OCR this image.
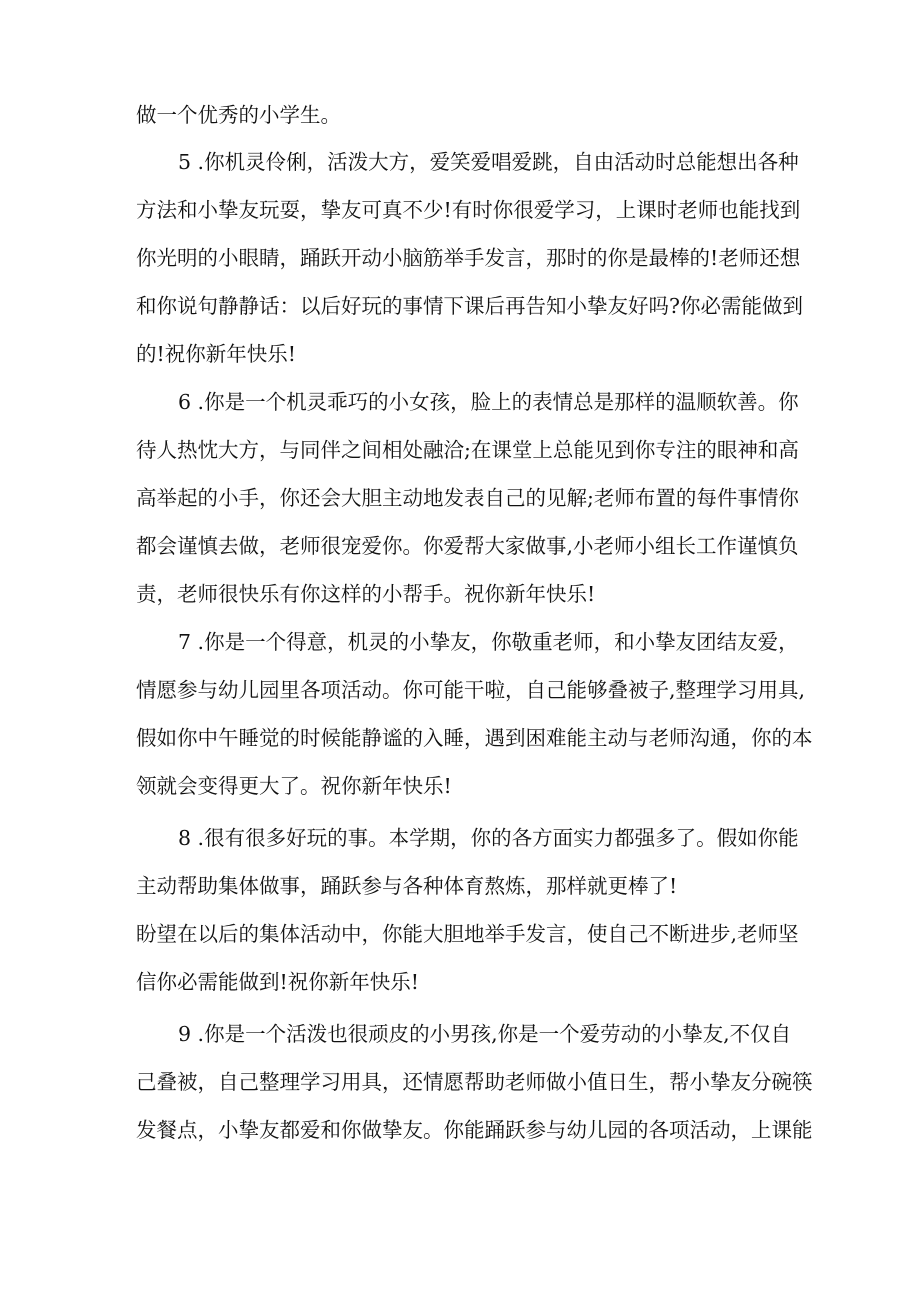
做一个优秀的小学生。

5 .你机灵伶俐，活泼大方，爱笑爱唱爱跳，自由活动时总能想出各种

方法和小挚友玩耍，挚友可真不少!有时你很爱学习，上课时老师也能找到

你光明的小眼睛，踊跃开动小脑筋举手发言，那时的你是最棒的!老师还想

和你说句静静话：以后好玩的事情下课后再告知小挚友好吗?你必需能做到

的!祝你新年快乐!

6 .你是一个机灵乖巧的小女孩，脸上的表情总是那样的温顺软善。你

待人热忱大方，与同伴之间相处融洽;在课堂上总能见到你专注的眼神和高

高举起的小手，你还会大胆主动地发表自己的见解;老师布置的每件事情你

都会谨慎去做，老师很宠爱你。你爱帮大家做事,小老师小组长工作谨慎负

责，老师很快乐有你这样的小帮手。祝你新年快乐!

7 .你是一个得意，机灵的小挚友，你敬重老师，和小挚友团结友爱，

情愿参与幼儿园里各项活动。你可能干啦，自己能够叠被子,整理学习用具,

假如你中午睡觉的时候能静谧的入睡，遇到困难能主动与老师沟通，你的本

领就会变得更大了。祝你新年快乐!

8 .很有很多好玩的事。本学期，你的各方面实力都强多了。假如你能

主动帮助集体做事，踊跃参与各种体育熬炼，那样就更棒了!

盼望在以后的集体活动中，你能大胆地举手发言，使自己不断进步,老师坚

信你必需能做到!祝你新年快乐!

9 .你是一个活泼也很顽皮的小男孩,你是一个爱劳动的小挚友,不仅自

己叠被，自己整理学习用具，还情愿帮助老师做小值日生，帮小挚友分碗筷

发餐点，小挚友都爱和你做挚友。你能踊跃参与幼儿园的各项活动，上课能
